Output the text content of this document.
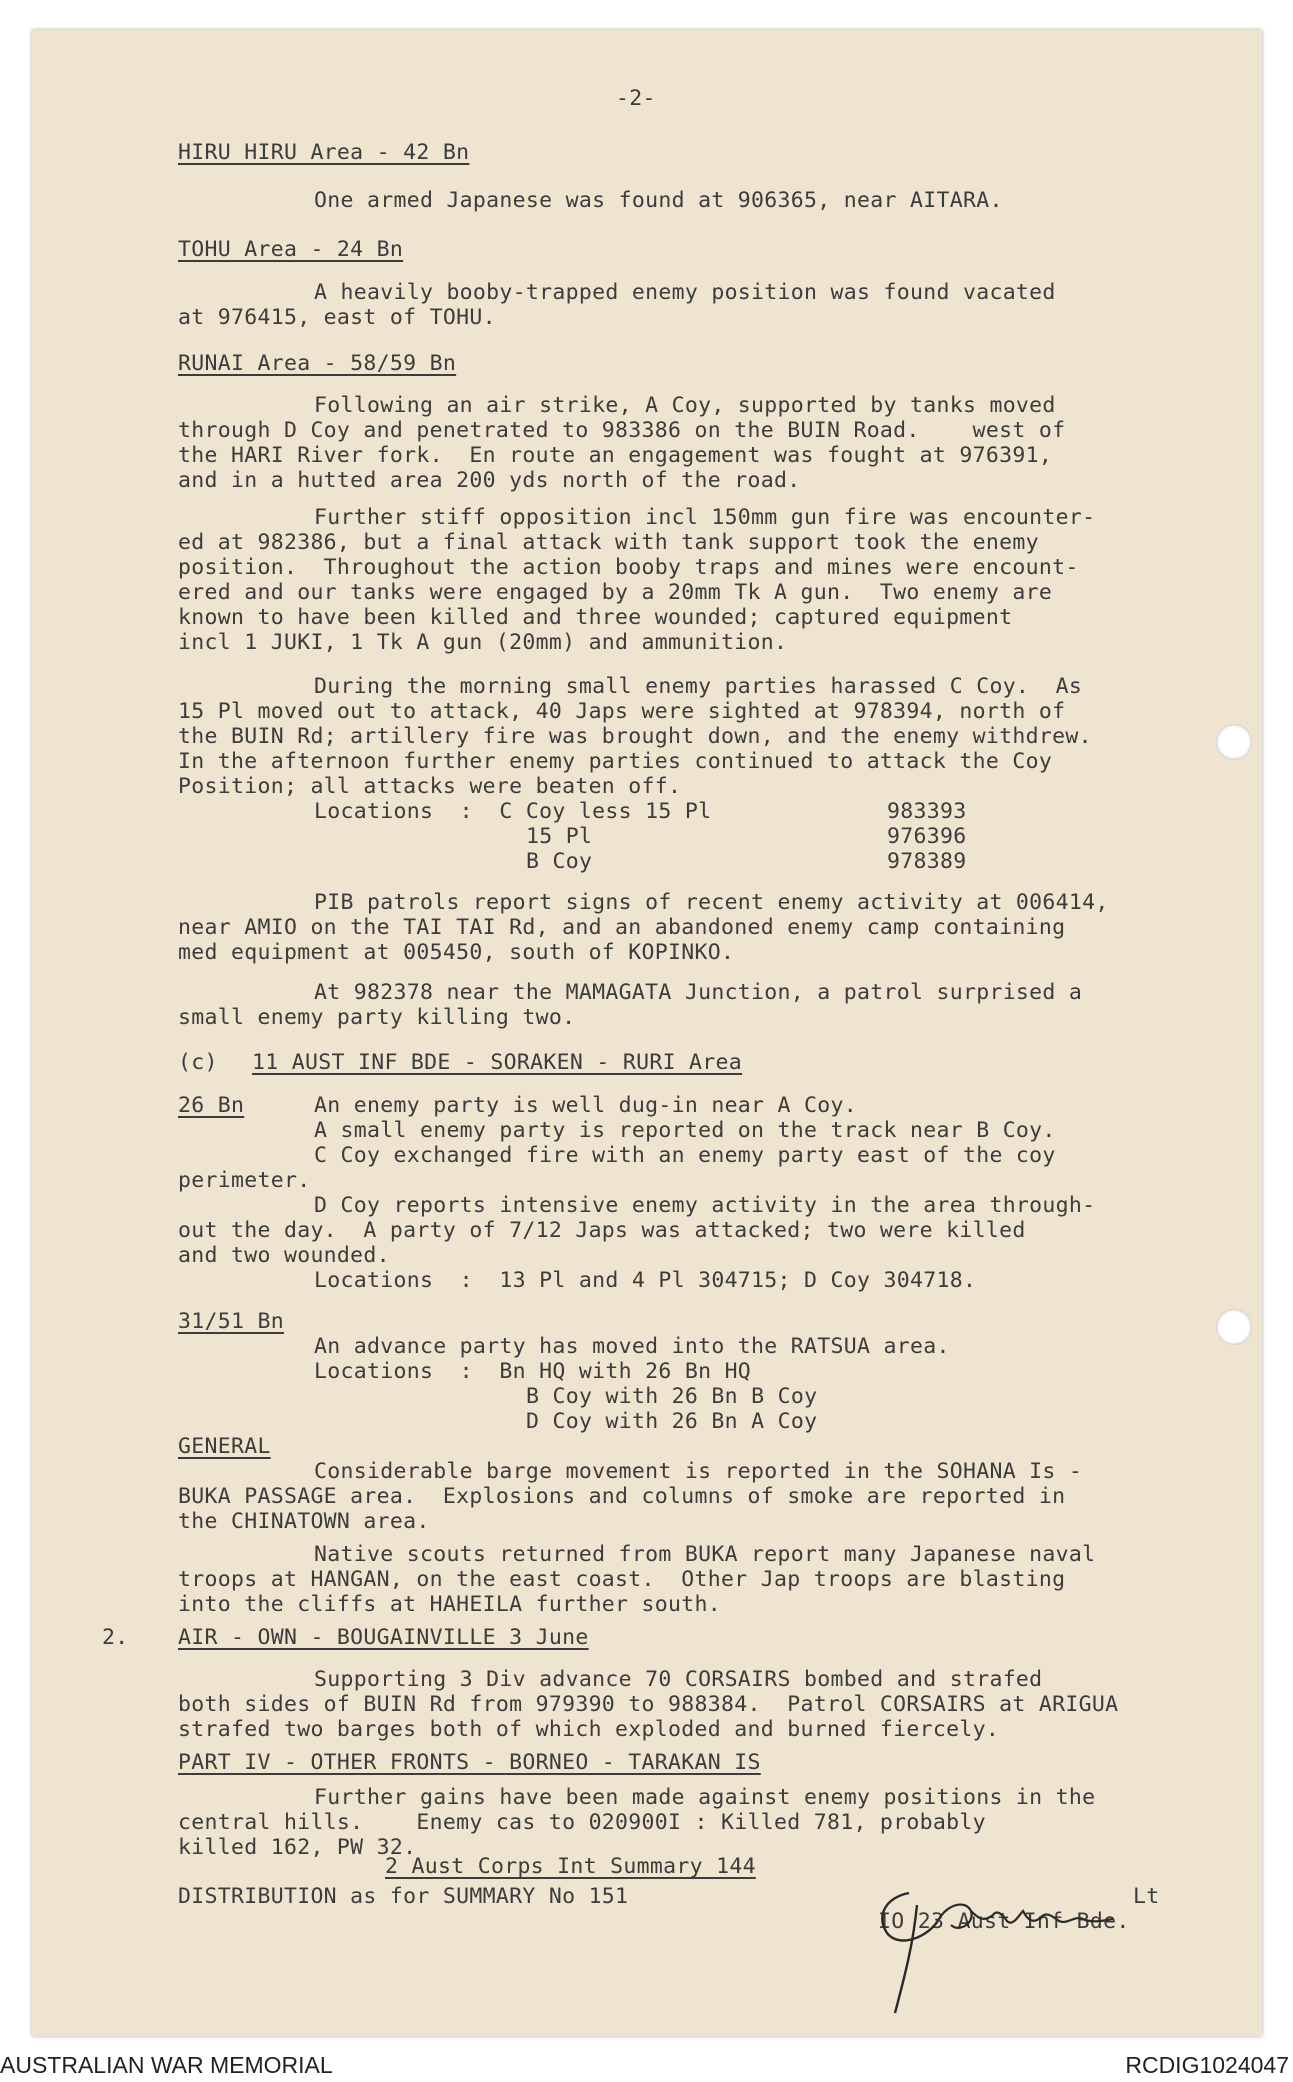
-2-
HIRU HIRU Area - 42 Bn
One armed Japanese was found at 906365, near AITARA.
TOHU Area - 24 Bn
A heavily booby-trapped enemy position was found vacated
at 976415, east of TOHU.
RUNAI Area - 58/59 Bn
Following an air strike, A Coy, supported by tanks moved
through D Coy and penetrated to 983386 on the BUIN Road.    west of
the HARI River fork.  En route an engagement was fought at 976391,
and in a hutted area 200 yds north of the road.
Further stiff opposition incl 150mm gun fire was encounter-
ed at 982386, but a final attack with tank support took the enemy
position.  Throughout the action booby traps and mines were encount-
ered and our tanks were engaged by a 20mm Tk A gun.  Two enemy are
known to have been killed and three wounded; captured equipment
incl 1 JUKI, 1 Tk A gun (20mm) and ammunition.
During the morning small enemy parties harassed C Coy.  As
15 Pl moved out to attack, 40 Japs were sighted at 978394, north of
the BUIN Rd; artillery fire was brought down, and the enemy withdrew.
In the afternoon further enemy parties continued to attack the Coy
Position; all attacks were beaten off.
Locations  :  C Coy less 15 Pl	983393
15 Pl	976396
B Coy	978389
PIB patrols report signs of recent enemy activity at 006414,
near AMIO on the TAI TAI Rd, and an abandoned enemy camp containing
med equipment at 005450, south of KOPINKO.
At 982378 near the MAMAGATA Junction, a patrol surprised a
small enemy party killing two.
(c) 11 AUST INF BDE - SORAKEN - RURI Area
26 Bn	An enemy party is well dug-in near A Coy.
A small enemy party is reported on the track near B Coy.
C Coy exchanged fire with an enemy party east of the coy
perimeter.
D Coy reports intensive enemy activity in the area through-
out the day.  A party of 7/12 Japs was attacked; two were killed
and two wounded.
Locations  :  13 Pl and 4 Pl 304715; D Coy 304718.
31/51 Bn
An advance party has moved into the RATSUA area.
Locations  :  Bn HQ with 26 Bn HQ
B Coy with 26 Bn B Coy
D Coy with 26 Bn A Coy
GENERAL
Considerable barge movement is reported in the SOHANA Is -
BUKA PASSAGE area.  Explosions and columns of smoke are reported in
the CHINATOWN area.
Native scouts returned from BUKA report many Japanese naval
troops at HANGAN, on the east coast.  Other Jap troops are blasting
into the cliffs at HAHEILA further south.
2. AIR - OWN - BOUGAINVILLE 3 June
Supporting 3 Div advance 70 CORSAIRS bombed and strafed
both sides of BUIN Rd from 979390 to 988384.  Patrol CORSAIRS at ARIGUA
strafed two barges both of which exploded and burned fiercely.
PART IV - OTHER FRONTS - BORNEO - TARAKAN IS
Further gains have been made against enemy positions in the
central hills.    Enemy cas to 020900I : Killed 781, probably
killed 162, PW 32.
2 Aust Corps Int Summary 144
DISTRIBUTION as for SUMMARY No 151	Lt
IO 23 Aust Inf Bde.
AUSTRALIAN WAR MEMORIAL	RCDIG1024047
